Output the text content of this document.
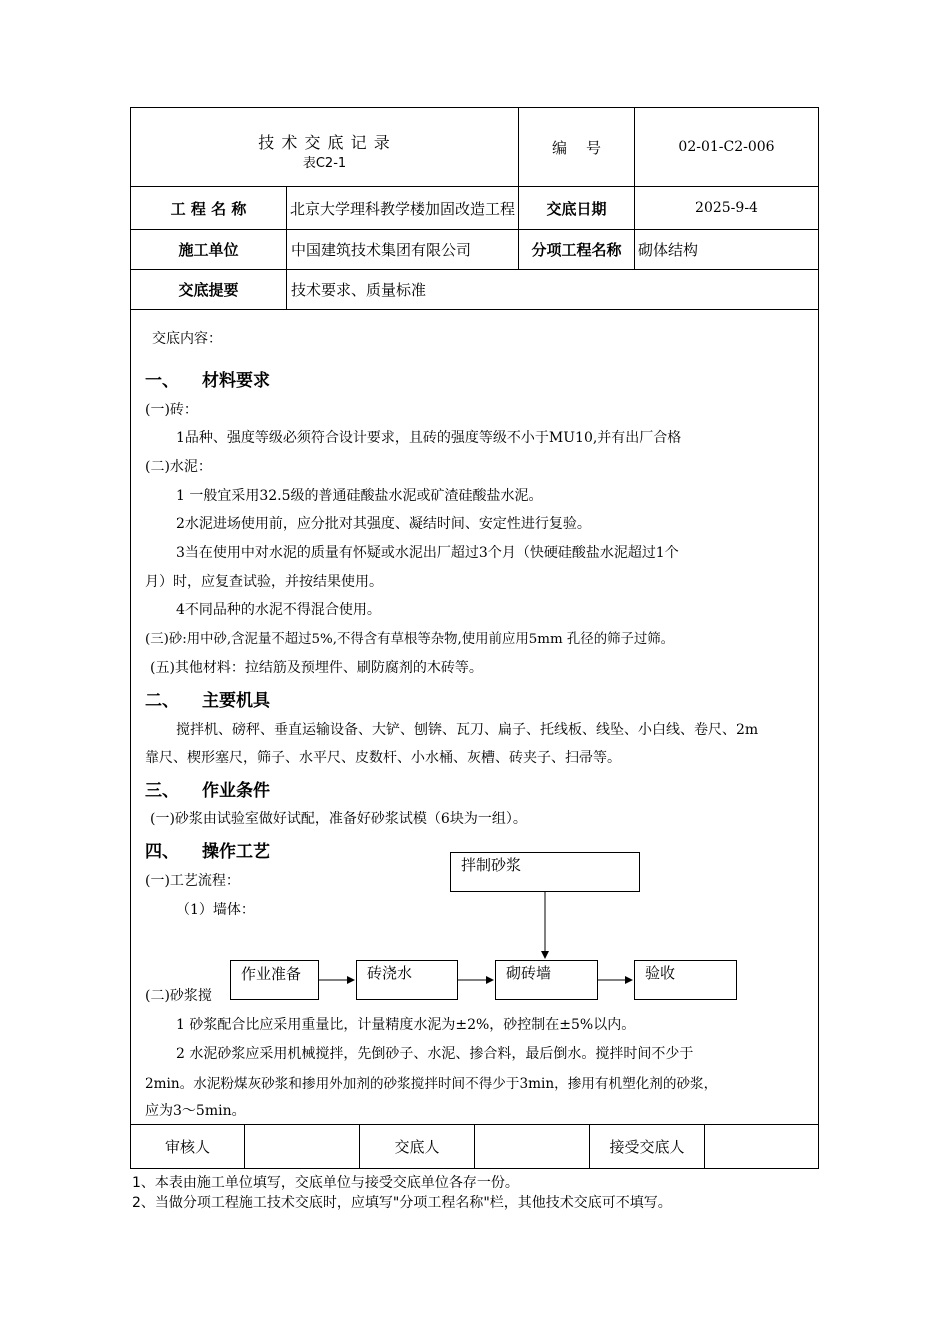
技 术 交 底 记 录
表C2-1
编    号	02-01-C2-006
工 程 名 称	北京大学理科教学楼加固改造工程	交底日期	2025-9-4
施工单位	中国建筑技术集团有限公司	分项工程名称	砌体结构
交底提要	技术要求、质量标准
交底内容：
一、 材料要求
(一)砖：
1品种、强度等级必须符合设计要求，且砖的强度等级不小于MU10,并有出厂合格
(二)水泥：
1 一般宜采用32.5级的普通硅酸盐水泥或矿渣硅酸盐水泥。
2水泥进场使用前，应分批对其强度、凝结时间、安定性进行复验。
3当在使用中对水泥的质量有怀疑或水泥出厂超过3个月（快硬硅酸盐水泥超过1个
月）时，应复查试验，并按结果使用。
4不同品种的水泥不得混合使用。
(三)砂:用中砂,含泥量不超过5%,不得含有草根等杂物,使用前应用5mm 孔径的筛子过筛。
(五)其他材料：拉结筋及预埋件、刷防腐剂的木砖等。
二、 主要机具
搅拌机、磅秤、垂直运输设备、大铲、刨锛、瓦刀、扁子、托线板、线坠、小白线、卷尺、2m
靠尺、楔形塞尺，筛子、水平尺、皮数杆、小水桶、灰槽、砖夹子、扫帚等。
三、 作业条件
(一)砂浆由试验室做好试配，准备好砂浆试模（6块为一组）。
四、 操作工艺
(一)工艺流程：
（1）墙体：
(二)砂浆搅
拌制砂浆
作业准备	砖浇水	砌砖墙	验收
1 砂浆配合比应采用重量比，计量精度水泥为±2%，砂控制在±5%以内。
2 水泥砂浆应采用机械搅拌，先倒砂子、水泥、掺合料，最后倒水。搅拌时间不少于
2min。水泥粉煤灰砂浆和掺用外加剂的砂浆搅拌时间不得少于3min，掺用有机塑化剂的砂浆，
应为3～5min。
审核人	交底人	接受交底人
1、本表由施工单位填写，交底单位与接受交底单位各存一份。
2、当做分项工程施工技术交底时，应填写"分项工程名称"栏，其他技术交底可不填写。
